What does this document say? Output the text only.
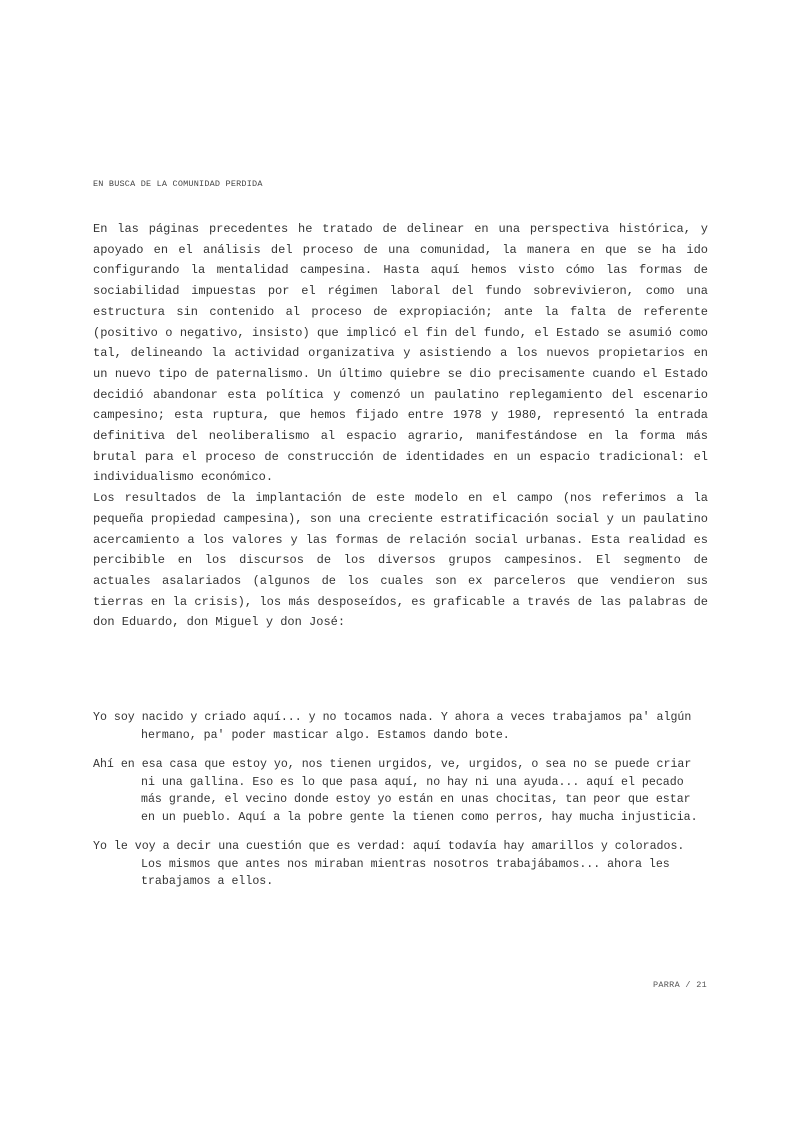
EN BUSCA DE LA COMUNIDAD PERDIDA

En las páginas precedentes he tratado de delinear en una perspectiva histórica, y apoyado en el análisis del proceso de una comunidad, la manera en que se ha ido configurando la mentalidad campesina. Hasta aquí hemos visto cómo las formas de sociabilidad impuestas por el régimen laboral del fundo sobrevivieron, como una estructura sin contenido al proceso de expropiación; ante la falta de referente (positivo o negativo, insisto) que implicó el fin del fundo, el Estado se asumió como tal, delineando la actividad organizativa y asistiendo a los nuevos propietarios en un nuevo tipo de paternalismo. Un último quiebre se dio precisamente cuando el Estado decidió abandonar esta política y comenzó un paulatino replegamiento del escenario campesino; esta ruptura, que hemos fijado entre 1978 y 1980, representó la entrada definitiva del neoliberalismo al espacio agrario, manifestándose en la forma más brutal para el proceso de construcción de identidades en un espacio tradicional: el individualismo económico.

Los resultados de la implantación de este modelo en el campo (nos referimos a la pequeña propiedad campesina), son una creciente estratificación social y un paulatino acercamiento a los valores y las formas de relación social urbanas. Esta realidad es percibible en los discursos de los diversos grupos campesinos. El segmento de actuales asalariados (algunos de los cuales son ex parceleros que vendieron sus tierras en la crisis), los más desposeídos, es graficable a través de las palabras de don Eduardo, don Miguel y don José:

Yo soy nacido y criado aquí... y no tocamos nada. Y ahora a veces trabajamos pa' algún hermano, pa' poder masticar algo. Estamos dando bote.

Ahí en esa casa que estoy yo, nos tienen urgidos, ve, urgidos, o sea no se puede criar ni una gallina. Eso es lo que pasa aquí, no hay ni una ayuda... aquí el pecado más grande, el vecino donde estoy yo están en unas chocitas, tan peor que estar en un pueblo. Aquí a la pobre gente la tienen como perros, hay mucha injusticia.

Yo le voy a decir una cuestión que es verdad: aquí todavía hay amarillos y colorados. Los mismos que antes nos miraban mientras nosotros trabajábamos... ahora les trabajamos a ellos.

PARRA / 21
